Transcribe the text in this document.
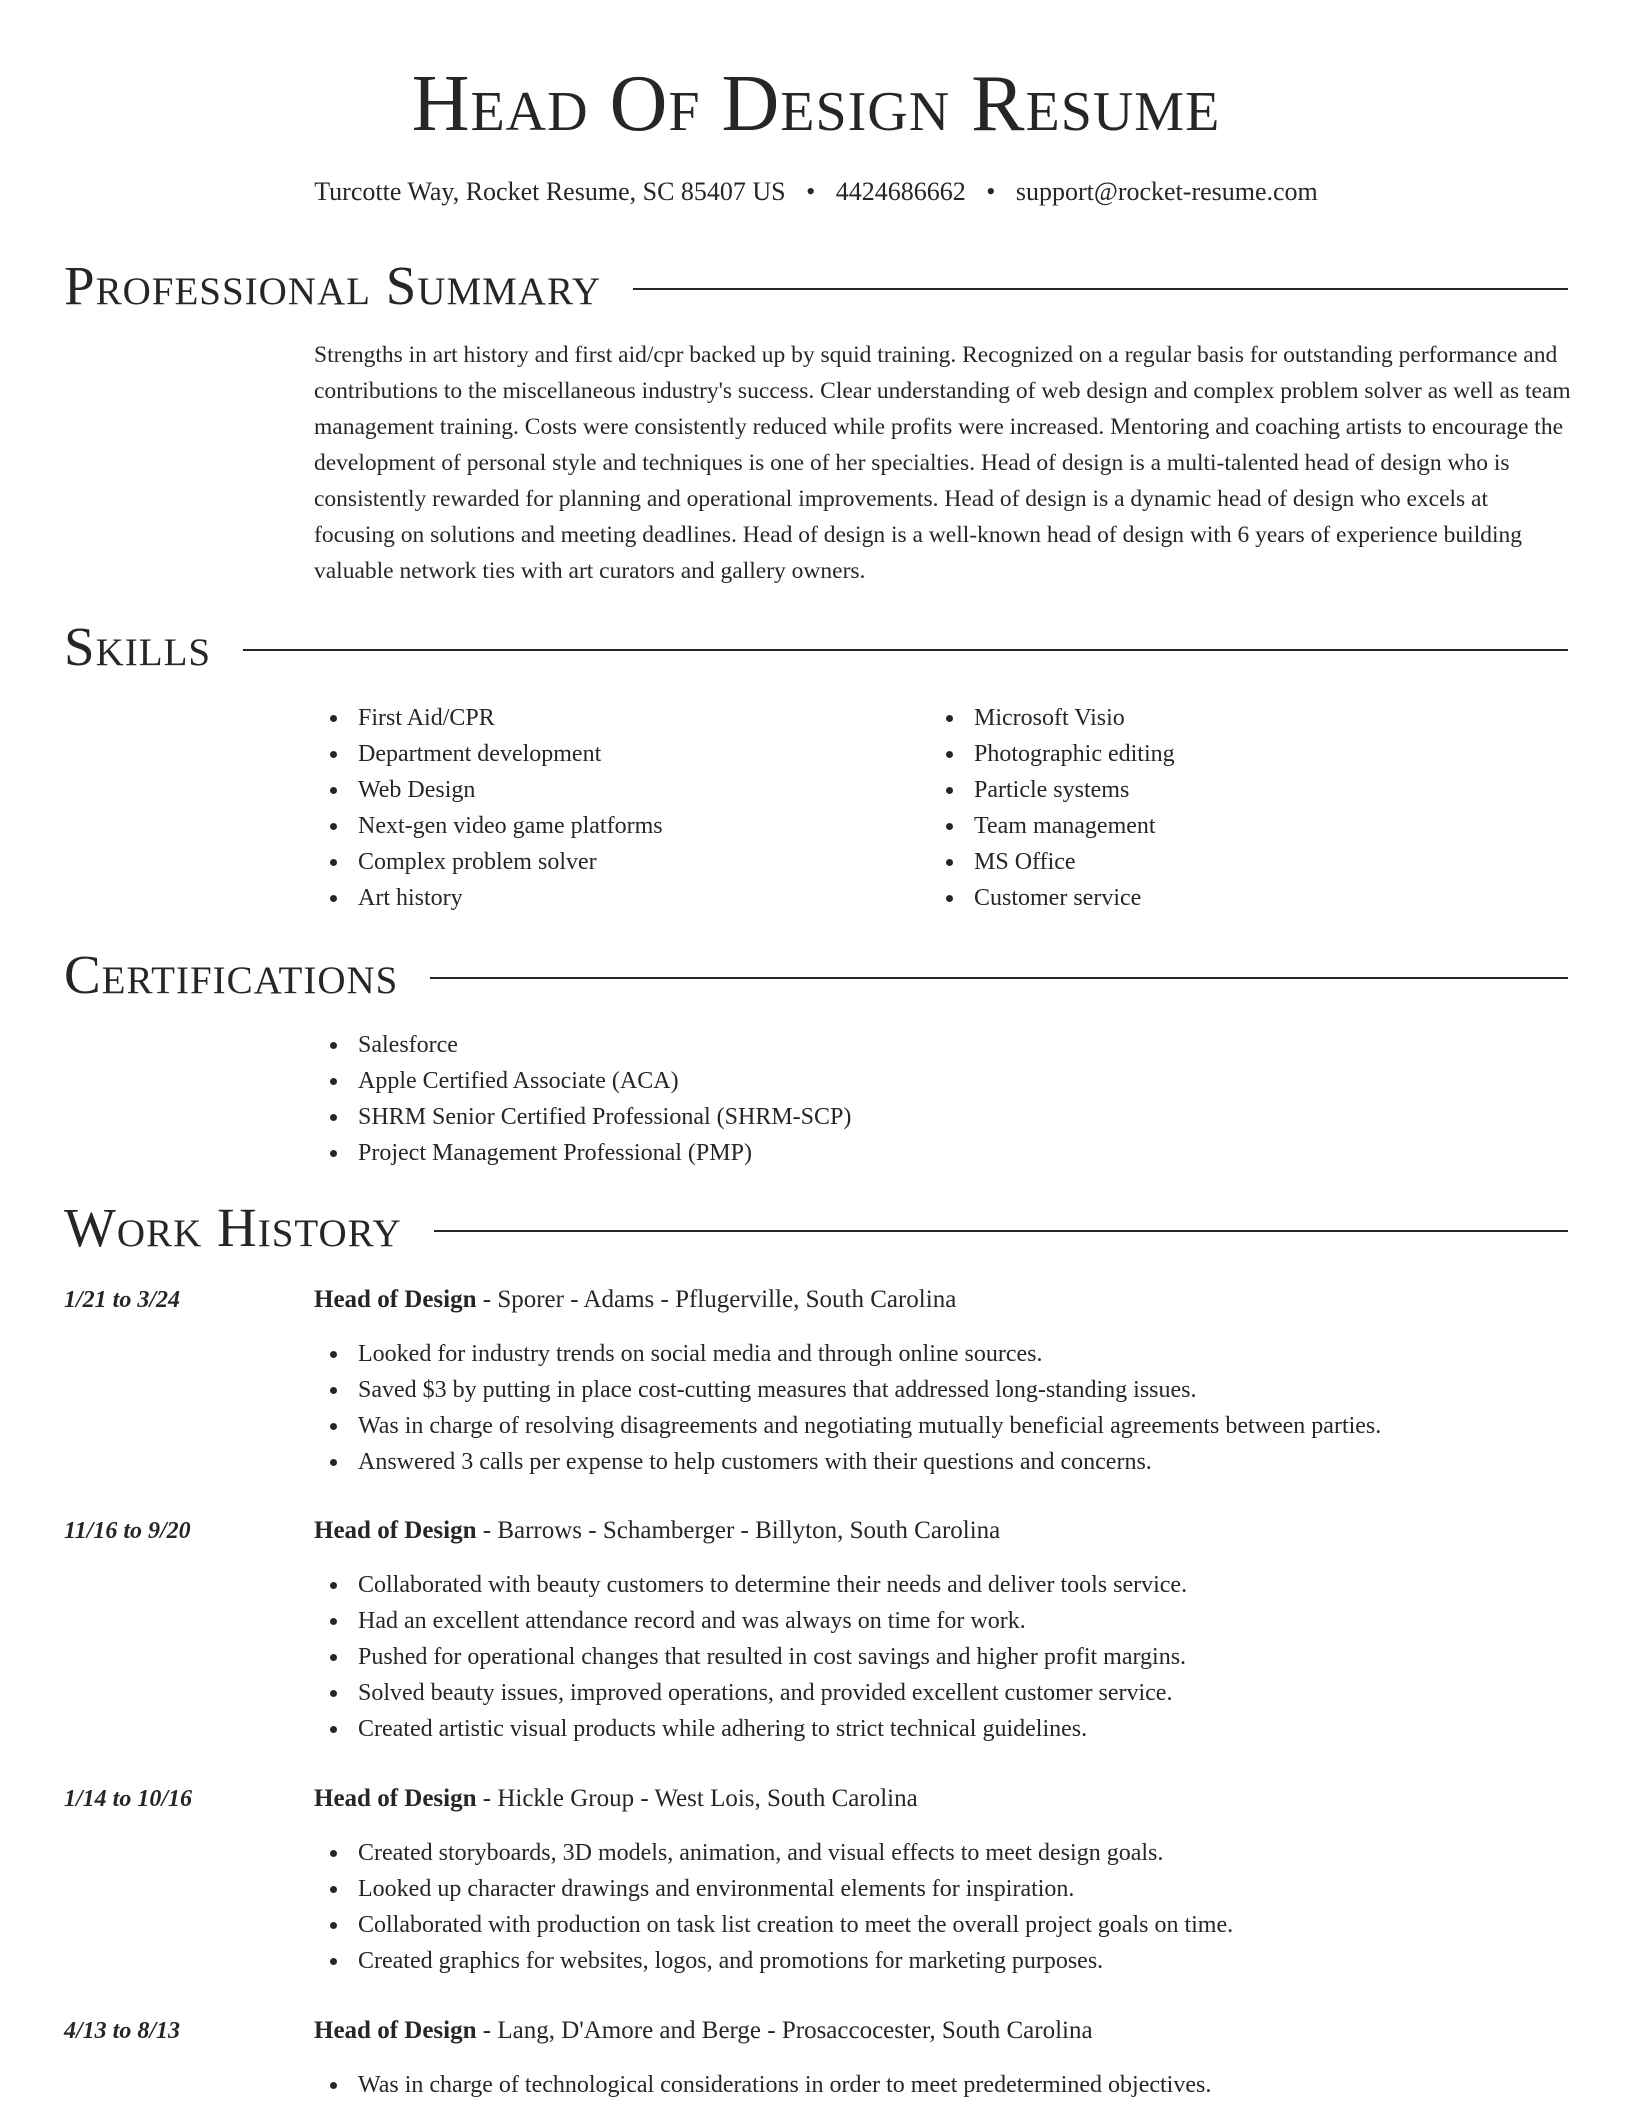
Head Of Design Resume
Turcotte Way, Rocket Resume, SC 85407 US • 4424686662 • support@rocket-resume.com
Professional Summary

Strengths in art history and first aid/cpr backed up by squid training. Recognized on a regular basis for outstanding performance and contributions to the miscellaneous industry's success. Clear understanding of web design and complex problem solver as well as team management training. Costs were consistently reduced while profits were increased. Mentoring and coaching artists to encourage the development of personal style and techniques is one of her specialties. Head of design is a multi-talented head of design who is consistently rewarded for planning and operational improvements. Head of design is a dynamic head of design who excels at focusing on solutions and meeting deadlines. Head of design is a well-known head of design with 6 years of experience building valuable network ties with art curators and gallery owners.

Skills
First Aid/CPR
Department development
Web Design
Next-gen video game platforms
Complex problem solver
Art history
Microsoft Visio
Photographic editing
Particle systems
Team management
MS Office
Customer service
Certifications
Salesforce
Apple Certified Associate (ACA)
SHRM Senior Certified Professional (SHRM-SCP)
Project Management Professional (PMP)
Work History
1/21 to 3/24	Head of Design - Sporer - Adams - Pflugerville, South Carolina
Looked for industry trends on social media and through online sources.
Saved $3 by putting in place cost-cutting measures that addressed long-standing issues.
Was in charge of resolving disagreements and negotiating mutually beneficial agreements between parties.
Answered 3 calls per expense to help customers with their questions and concerns.
11/16 to 9/20	Head of Design - Barrows - Schamberger - Billyton, South Carolina
Collaborated with beauty customers to determine their needs and deliver tools service.
Had an excellent attendance record and was always on time for work.
Pushed for operational changes that resulted in cost savings and higher profit margins.
Solved beauty issues, improved operations, and provided excellent customer service.
Created artistic visual products while adhering to strict technical guidelines.
1/14 to 10/16	Head of Design - Hickle Group - West Lois, South Carolina
Created storyboards, 3D models, animation, and visual effects to meet design goals.
Looked up character drawings and environmental elements for inspiration.
Collaborated with production on task list creation to meet the overall project goals on time.
Created graphics for websites, logos, and promotions for marketing purposes.
4/13 to 8/13	Head of Design - Lang, D'Amore and Berge - Prosaccocester, South Carolina
Was in charge of technological considerations in order to meet predetermined objectives.
